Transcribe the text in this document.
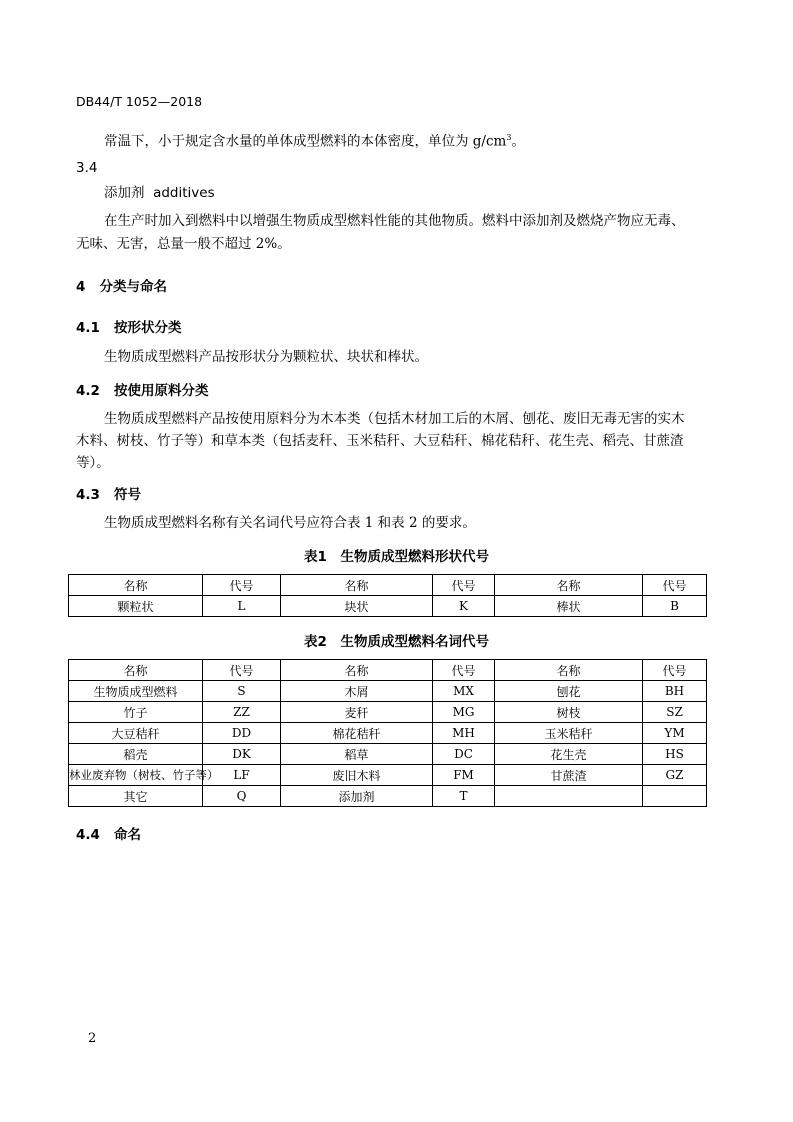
DB44/T 1052—2018
常温下，小于规定含水量的单体成型燃料的本体密度，单位为 $g/cm^3$。
3.4
添加剂 additives
在生产时加入到燃料中以增强生物质成型燃料性能的其他物质。燃料中添加剂及燃烧产物应无毒、
无味、无害，总量一般不超过 2%。
4 分类与命名
4.1 按形状分类
生物质成型燃料产品按形状分为颗粒状、块状和棒状。
4.2 按使用原料分类
生物质成型燃料产品按使用原料分为木本类（包括木材加工后的木屑、刨花、废旧无毒无害的实木
木料、树枝、竹子等）和草本类（包括麦秆、玉米秸秆、大豆秸秆、棉花秸秆、花生壳、稻壳、甘蔗渣
等）。
4.3 符号
生物质成型燃料名称有关名词代号应符合表 1 和表 2 的要求。
表1　生物质成型燃料形状代号
名称	代号	名称	代号	名称	代号
颗粒状	L	块状	K	棒状	B
表2　生物质成型燃料名词代号
名称	代号	名称	代号	名称	代号
生物质成型燃料	S	木屑	MX	刨花	BH
竹子	ZZ	麦秆	MG	树枝	SZ
大豆秸秆	DD	棉花秸秆	MH	玉米秸秆	YM
稻壳	DK	稻草	DC	花生壳	HS
林业废弃物（树枝、竹子等）	LF	废旧木料	FM	甘蔗渣	GZ
其它	Q	添加剂	T		
4.4 命名
2
